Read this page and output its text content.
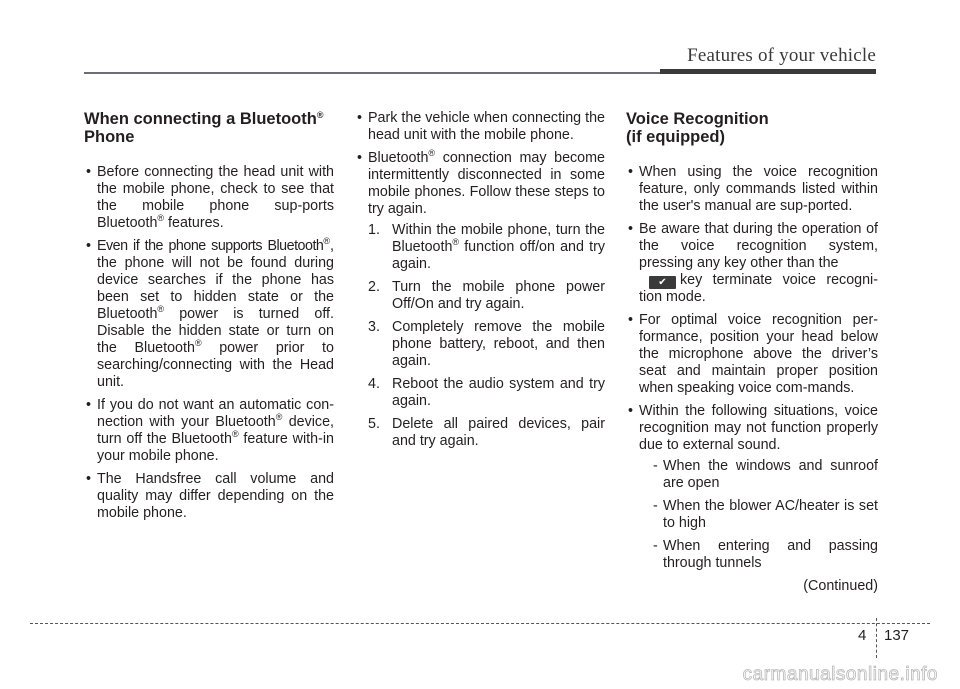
Features of your vehicle
When connecting a Bluetooth®
Phone
• Before connecting the head unit with the mobile phone, check to see that the mobile phone sup-ports Bluetooth® features.
• Even if the phone supports Bluetooth®, the phone will not be found during device searches if the phone has been set to hidden state or the Bluetooth® power is turned off. Disable the hidden state or turn on the Bluetooth® power prior to searching/connecting with the Head unit.
• If you do not want an automatic con-nection with your Bluetooth® device, turn off the Bluetooth® feature with-in your mobile phone.
• The Handsfree call volume and quality may differ depending on the mobile phone.
• Park the vehicle when connecting the head unit with the mobile phone.
• Bluetooth® connection may become intermittently disconnected in some mobile phones. Follow these steps to try again.
1. Within the mobile phone, turn the Bluetooth® function off/on and try again.
2. Turn the mobile phone power Off/On and try again.
3. Completely remove the mobile phone battery, reboot, and then again.
4. Reboot the audio system and try again.
5. Delete all paired devices, pair and try again.
Voice Recognition
(if equipped)
• When using the voice recognition feature, only commands listed within the user's manual are sup-ported.
• Be aware that during the operation of the voice recognition system, pressing any key other than the
✔ key terminate voice recogni-tion mode.
• For optimal voice recognition per-formance, position your head below the microphone above the driver’s seat and maintain proper position when speaking voice com-mands.
• Within the following situations, voice recognition may not function properly due to external sound.
- When the windows and sunroof are open
- When the blower AC/heater is set to high
- When entering and passing through tunnels
(Continued)
4 137
carmanualsonline.info
